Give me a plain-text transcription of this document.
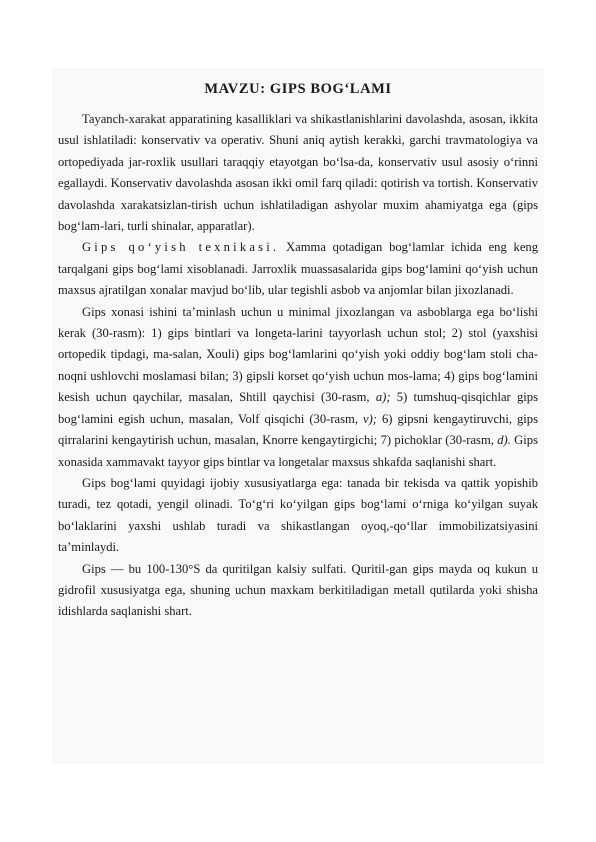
MAVZU: GIPS BOG‘LAMI

Tayanch-xarakat apparatining kasalliklari va shikastlanishlarini davolashda, asosan, ikkita usul ishlatiladi: konservativ va operativ. Shuni aniq aytish kerakki, garchi travmatologiya va ortopediyada jar-roxlik usullari taraqqiy etayotgan bo‘lsa-da, konservativ usul asosiy o‘rinni egallaydi. Konservativ davolashda asosan ikki omil farq qiladi: qotirish va tortish. Konservativ davolashda xarakatsizlan-tirish uchun ishlatiladigan ashyolar muxim ahamiyatga ega (gips bog‘lam-lari, turli shinalar, apparatlar).

Gips qo‘yish texnikasi. Xamma qotadigan bog‘lamlar ichida eng keng tarqalgani gips bog‘lami xisoblanadi. Jarroxlik muassasalarida gips bog‘lamini qo‘yish uchun maxsus ajratilgan xonalar mavjud bo‘lib, ular tegishli asbob va anjomlar bilan jixozlanadi.

Gips xonasi ishini ta’minlash uchun u minimal jixozlangan va asboblarga ega bo‘lishi kerak (30-rasm): 1) gips bintlari va longeta-larini tayyorlash uchun stol; 2) stol (yaxshisi ortopedik tipdagi, ma-salan, Xouli) gips bog‘lamlarini qo‘yish yoki oddiy bog‘lam stoli cha-noqni ushlovchi moslamasi bilan; 3) gipsli korset qo‘yish uchun mos-lama; 4) gips bog‘lamini kesish uchun qaychilar, masalan, Shtill qaychisi (30-rasm, a); 5) tumshuq-qisqichlar gips bog‘lamini egish uchun, masalan, Volf qisqichi (30-rasm, v); 6) gipsni kengaytiruvchi, gips qirralarini kengaytirish uchun, masalan, Knorre kengaytirgichi; 7) pichoklar (30-rasm, d). Gips xonasida xammavakt tayyor gips bintlar va longetalar maxsus shkafda saqlanishi shart.

Gips bog‘lami quyidagi ijobiy xususiyatlarga ega: tanada bir tekisda va qattik yopishib turadi, tez qotadi, yengil olinadi. To‘g‘ri ko‘yilgan gips bog‘lami o‘rniga ko‘yilgan suyak bo‘laklarini yaxshi ushlab turadi va shikastlangan oyoq,-qo‘llar immobilizatsiyasini ta’minlaydi.

Gips — bu 100-130°S da quritilgan kalsiy sulfati. Quritil-gan gips mayda oq kukun u gidrofil xususiyatga ega, shuning uchun maxkam berkitiladigan metall qutilarda yoki shisha idishlarda saqlanishi shart.
